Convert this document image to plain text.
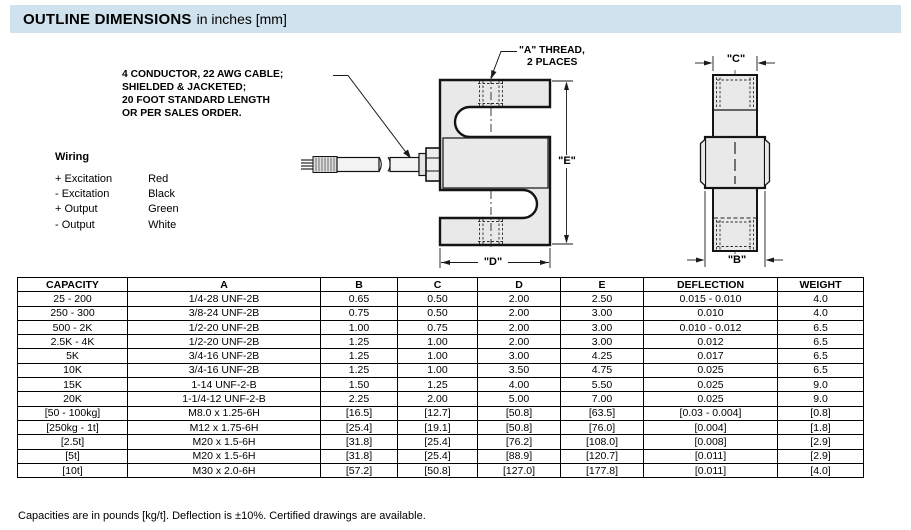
OUTLINE DIMENSIONS in inches [mm]
4 CONDUCTOR, 22 AWG CABLE;
SHIELDED & JACKETED;
20 FOOT STANDARD LENGTH
OR PER SALES ORDER.
"A" THREAD,
2 PLACES
Wiring
+ Excitation	Red
- Excitation	Black
+ Output	Green
- Output	White
"E"
"D"
"C"
"B"
CAPACITY	A	B	C	D	E	DEFLECTION	WEIGHT
25 - 200	1/4-28 UNF-2B	0.65	0.50	2.00	2.50	0.015 - 0.010	4.0
250 - 300	3/8-24 UNF-2B	0.75	0.50	2.00	3.00	0.010	4.0
500 - 2K	1/2-20 UNF-2B	1.00	0.75	2.00	3.00	0.010 - 0.012	6.5
2.5K - 4K	1/2-20 UNF-2B	1.25	1.00	2.00	3.00	0.012	6.5
5K	3/4-16 UNF-2B	1.25	1.00	3.00	4.25	0.017	6.5
10K	3/4-16 UNF-2B	1.25	1.00	3.50	4.75	0.025	6.5
15K	1-14 UNF-2-B	1.50	1.25	4.00	5.50	0.025	9.0
20K	1-1/4-12 UNF-2-B	2.25	2.00	5.00	7.00	0.025	9.0
[50 - 100kg]	M8.0 x 1.25-6H	[16.5]	[12.7]	[50.8]	[63.5]	[0.03 - 0.004]	[0.8]
[250kg - 1t]	M12 x 1.75-6H	[25.4]	[19.1]	[50.8]	[76.0]	[0.004]	[1.8]
[2.5t]	M20 x 1.5-6H	[31.8]	[25.4]	[76.2]	[108.0]	[0.008]	[2.9]
[5t]	M20 x 1.5-6H	[31.8]	[25.4]	[88.9]	[120.7]	[0.011]	[2.9]
[10t]	M30 x 2.0-6H	[57.2]	[50.8]	[127.0]	[177.8]	[0.011]	[4.0]
Capacities are in pounds [kg/t]. Deflection is ±10%. Certified drawings are available.
